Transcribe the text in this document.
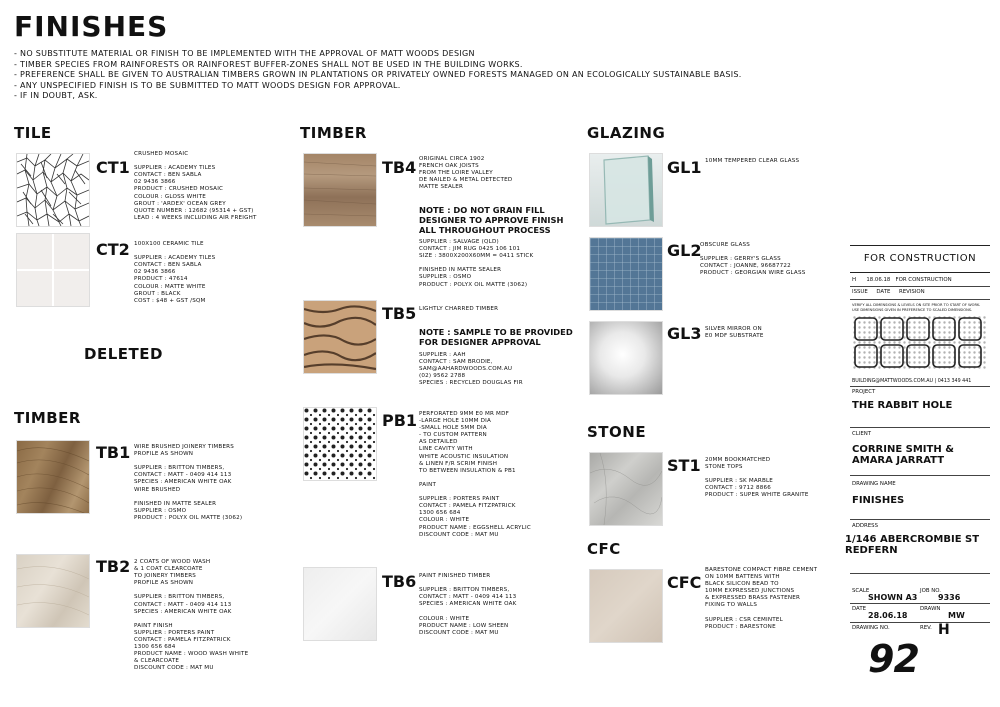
FINISHES
- NO SUBSTITUTE MATERIAL OR FINISH TO BE IMPLEMENTED WITH THE APPROVAL OF MATT WOODS DESIGN
- TIMBER SPECIES FROM RAINFORESTS OR RAINFOREST BUFFER-ZONES SHALL NOT BE USED IN THE BUILDING WORKS.
- PREFERENCE SHALL BE GIVEN TO AUSTRALIAN TIMBERS GROWN IN PLANTATIONS OR PRIVATELY OWNED FORESTS MANAGED ON AN ECOLOGICALLY SUSTAINABLE BASIS.
- ANY UNSPECIFIED FINISH IS TO BE SUBMITTED TO MATT WOODS DESIGN FOR APPROVAL.
- IF IN DOUBT, ASK.
TILE
CT1
CRUSHED MOSAIC

SUPPLIER : ACADEMY TILES
CONTACT : BEN SABLA
02 9436 3866
PRODUCT : CRUSHED MOSAIC
COLOUR : GLOSS WHITE
GROUT : 'ARDEX' OCEAN GREY
QUOTE NUMBER : 12682 (95314 + GST)
LEAD : 4 WEEKS INCLUDING AIR FREIGHT
CT2 100X100 CERAMIC TILE

SUPPLIER : ACADEMY TILES
CONTACT : BEN SABLA
02 9436 3866
PRODUCT : 47614
COLOUR : MATTE WHITE
GROUT : BLACK
COST : $48 + GST /SQM
DELETED
TIMBER
TB1 WIRE BRUSHED JOINERY TIMBERS
PROFILE AS SHOWN

SUPPLIER : BRITTON TIMBERS,
CONTACT : MATT - 0409 414 113
SPECIES : AMERICAN WHITE OAK
WIRE BRUSHED

FINISHED IN MATTE SEALER
SUPPLIER : OSMO
PRODUCT : POLYX OIL MATTE (3062)
TB2 2 COATS OF WOOD WASH
& 1 COAT CLEARCOATE
TO JOINERY TIMBERS
PROFILE AS SHOWN

SUPPLIER : BRITTON TIMBERS,
CONTACT : MATT - 0409 414 113
SPECIES : AMERICAN WHITE OAK

PAINT FINISH
SUPPLIER : PORTERS PAINT
CONTACT : PAMELA FITZPATRICK
1300 656 684
PRODUCT NAME : WOOD WASH WHITE
& CLEARCOATE
DISCOUNT CODE : MAT MU
TIMBER
TB4 ORIGINAL CIRCA 1902
FRENCH OAK JOISTS
FROM THE LOIRE VALLEY
DE NAILED & METAL DETECTED
MATTE SEALER
NOTE : DO NOT GRAIN FILL
DESIGNER TO APPROVE FINISH
ALL THROUGHOUT PROCESS
SUPPLIER : SALVAGE (QLD)
CONTACT : JIM RUG 0425 106 101
SIZE : 3800X200X60MM = 0411 STICK

FINISHED IN MATTE SEALER
SUPPLIER : OSMO
PRODUCT : POLYX OIL MATTE (3062)
TB5 LIGHTLY CHARRED TIMBER
NOTE : SAMPLE TO BE PROVIDED
FOR DESIGNER APPROVAL
SUPPLIER : AAH
CONTACT : SAM BRODIE,
SAM@AAHARDWOODS.COM.AU
(02) 9562 2788
SPECIES : RECYCLED DOUGLAS FIR
PB1 PERFORATED 9MM E0 MR MDF
-LARGE HOLE 10MM DIA
-SMALL HOLE 5MM DIA
- TO CUSTOM PATTERN
AS DETAILED
LINE CAVITY WITH
WHITE ACOUSTIC INSULATION
& LINEN F/R SCRIM FINISH
TO BETWEEN INSULATION & PB1

PAINT

SUPPLIER : PORTERS PAINT
CONTACT : PAMELA FITZPATRICK
1300 656 684
COLOUR : WHITE
PRODUCT NAME : EGGSHELL ACRYLIC
DISCOUNT CODE : MAT MU
TB6 PAINT FINISHED TIMBER

SUPPLIER : BRITTON TIMBERS,
CONTACT : MATT - 0409 414 113
SPECIES : AMERICAN WHITE OAK

COLOUR : WHITE
PRODUCT NAME : LOW SHEEN
DISCOUNT CODE : MAT MU
GLAZING
GL1 10MM TEMPERED CLEAR GLASS
GL2
OBSCURE GLASS

SUPPLIER : GERRY'S GLASS
CONTACT : JOANNE, 96687722
PRODUCT : GEORGIAN WIRE GLASS
GL3 SILVER MIRROR ON
E0 MDF SUBSTRATE
STONE
ST1 20MM BOOKMATCHED
STONE TOPS

SUPPLIER : SK MARBLE
CONTACT : 9712 8866
PRODUCT : SUPER WHITE GRANITE
CFC
CFC
BARESTONE COMPACT FIBRE CEMENT
ON 10MM BATTENS WITH
BLACK SILICON BEAD TO
10MM EXPRESSED JUNCTIONS
& EXPRESSED BRASS FASTENER
FIXING TO WALLS

SUPPLIER : CSR CEMINTEL
PRODUCT : BARESTONE
FOR CONSTRUCTION
H 18.06.18 FOR CONSTRUCTION
ISSUE DATE REVISION
VERIFY ALL DIMENSIONS & LEVELS ON SITE PRIOR TO START OF WORK. USE DIMENSIONS GIVEN IN PREFERENCE TO SCALED DIMENSIONS.
BUILDING@MATTWOODS.COM.AU | 0413 349 441
PROJECT
THE RABBIT HOLE
CLIENT
CORRINE SMITH &
AMARA JARRATT
DRAWING NAME
FINISHES
ADDRESS
1/146 ABERCROMBIE ST
REDFERN
SCALE
SHOWN A3
JOB NO.
9336
DATE
28.06.18
DRAWN
MW
DRAWING NO.	REV. H
92
